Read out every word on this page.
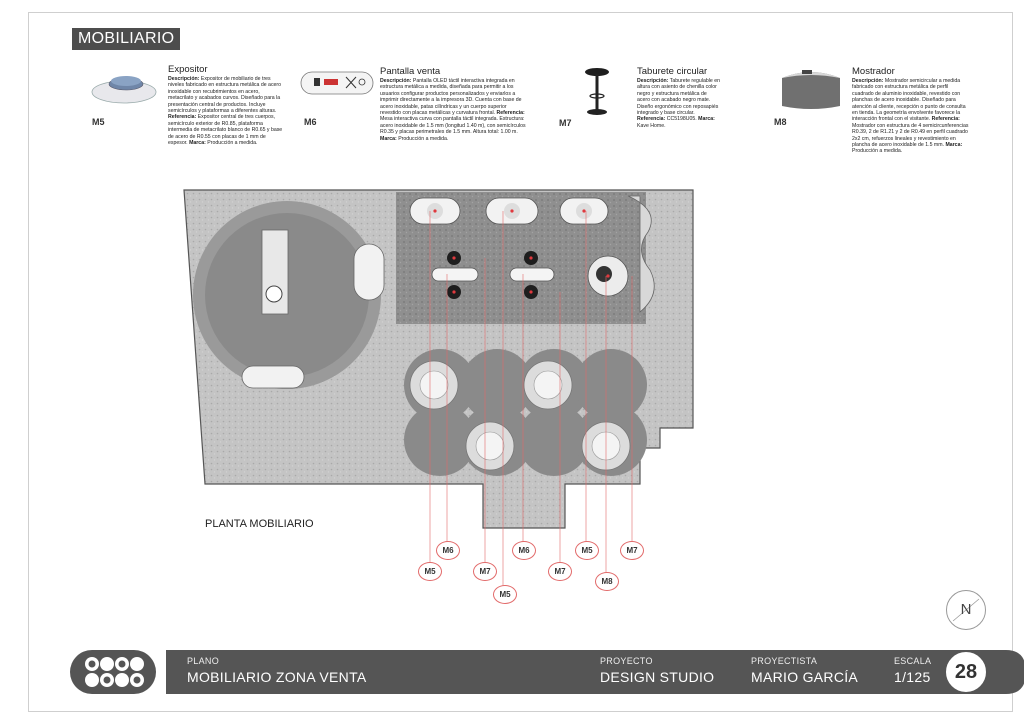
MOBILIARIO
M5
Expositor
Descripción: Expositor de mobiliario de tres niveles fabricado en estructura metálica de acero inoxidable con recubrimientos en acero, metacrilato y acabados curvos. Diseñado para la presentación central de productos. Incluye semicírculos y plataformas a diferentes alturas. Referencia: Expositor central de tres cuerpos, semicírculo exterior de R0.85, plataforma intermedia de metacrilato blanco de R0.65 y base de acero de R0.55 con placas de 1 mm de espesor. Marca: Producción a medida.
M6
Pantalla venta
Descripción: Pantalla OLED táctil interactiva integrada en estructura metálica a medida, diseñada para permitir a los usuarios configurar productos personalizados y enviarlos a imprimir directamente a la impresora 3D. Cuenta con base de acero inoxidable, patas cilíndricas y un cuerpo superior revestido con placas metálicas y curvatura frontal. Referencia: Mesa interactiva curva con pantalla táctil integrada. Estructura: acero inoxidable de 1.5 mm (longitud 1.40 m), con semicírculos R0.35 y placas perimetrales de 1.5 mm. Altura total: 1.00 m. Marca: Producción a medida.
M7
Taburete circular
Descripción: Taburete regulable en altura con asiento de chenilla color negro y estructura metálica de acero con acabado negro mate. Diseño ergonómico con reposapiés integrado y base circular. Referencia: CC5198U05. Marca: Kave Home.	M8
Mostrador
Descripción: Mostrador semicircular a medida fabricado con estructura metálica de perfil cuadrado de aluminio inoxidable, revestido con planchas de acero inoxidable. Diseñado para atención al cliente, recepción o punto de consulta en tienda. La geometría envolvente favorece la interacción frontal con el visitante. Referencia: Mostrador con estructura de 4 semicircunferencias R0.39, 2 de R1.21 y 2 de R0.49 en perfil cuadrado 2x2 cm, refuerzos lineales y revestimiento en plancha de acero inoxidable de 1.5 mm. Marca: Producción a medida.
PLANTA MOBILIARIO
M6
M5	M7
M5
M6
M7
M5
M8
M7
N
PLANO
MOBILIARIO ZONA VENTA
PROYECTO
DESIGN STUDIO
PROYECTISTA
MARIO GARCÍA
ESCALA
1/125	28
